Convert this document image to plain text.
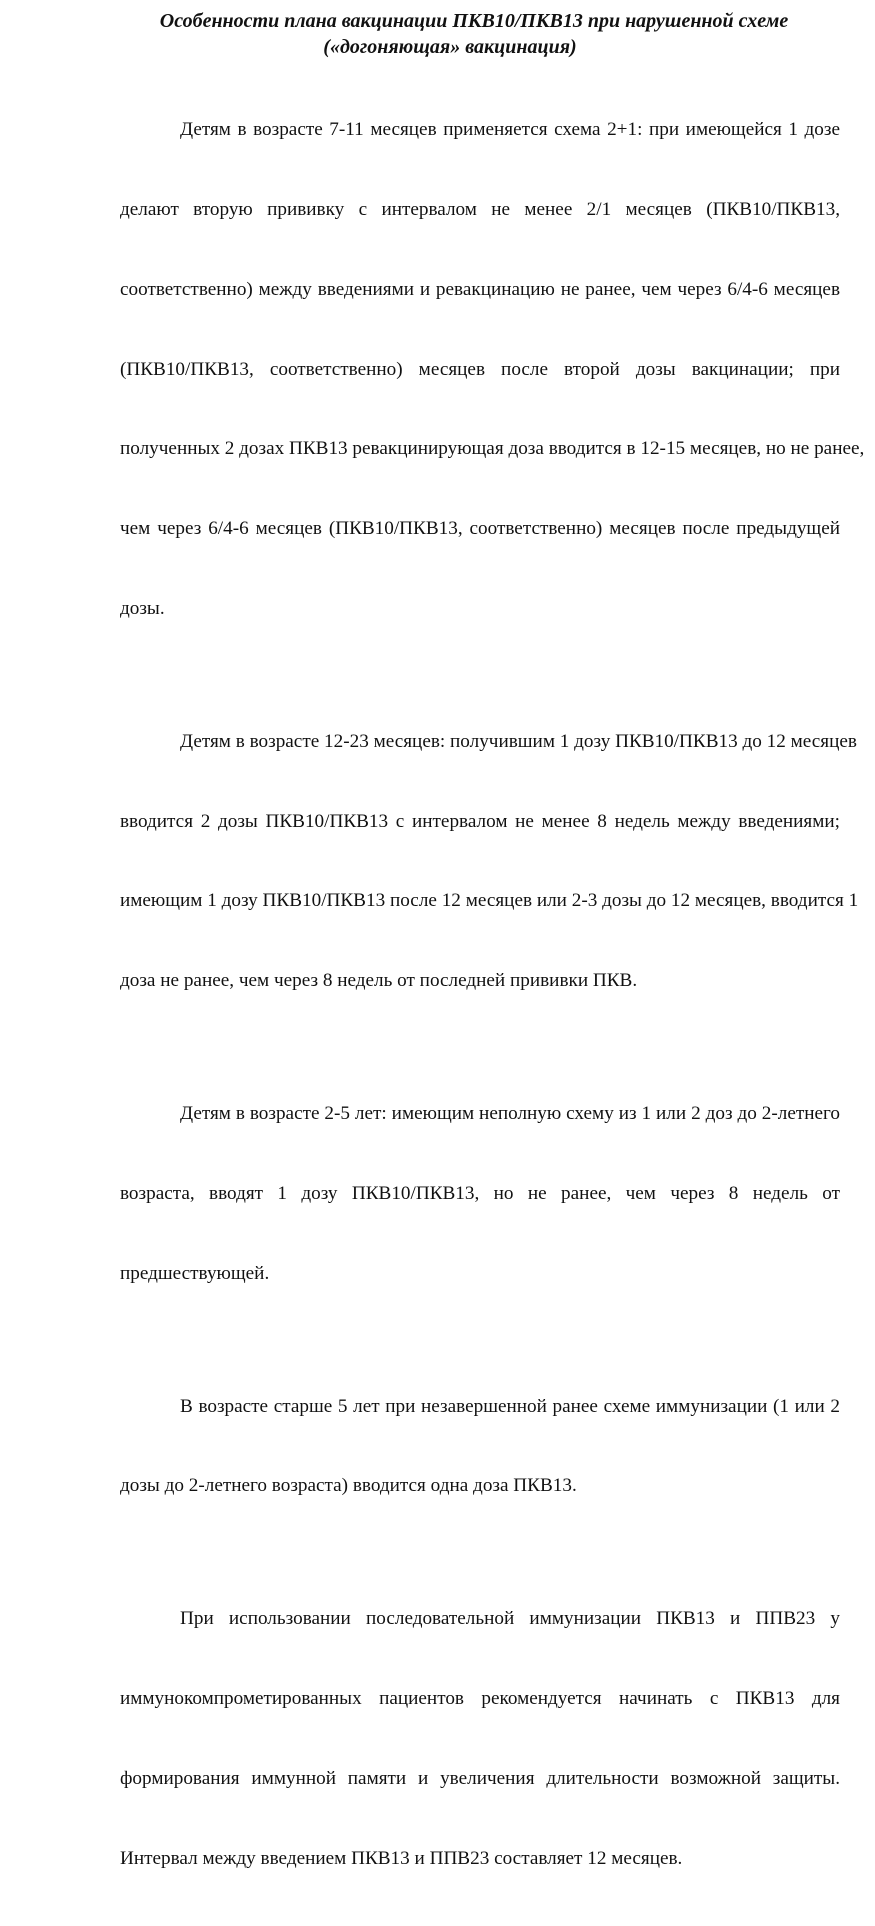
Особенности плана вакцинации ПКВ10/ПКВ13 при нарушенной схеме
(«догоняющая» вакцинация)

Детям в возрасте 7-11 месяцев применяется схема 2+1: при имеющейся 1 дозе

делают вторую прививку с интервалом не менее 2/1 месяцев (ПКВ10/ПКВ13,

соответственно) между введениями и ревакцинацию не ранее, чем через 6/4-6 месяцев

(ПКВ10/ПКВ13, соответственно) месяцев после второй дозы вакцинации; при

полученных 2 дозах ПКВ13 ревакцинирующая доза вводится в 12-15 месяцев, но не ранее,

чем через 6/4-6 месяцев (ПКВ10/ПКВ13, соответственно) месяцев после предыдущей

дозы.

Детям в возрасте 12-23 месяцев: получившим 1 дозу ПКВ10/ПКВ13 до 12 месяцев

вводится 2 дозы ПКВ10/ПКВ13 с интервалом не менее 8 недель между введениями;

имеющим 1 дозу ПКВ10/ПКВ13 после 12 месяцев или 2-3 дозы до 12 месяцев, вводится 1

доза не ранее, чем через 8 недель от последней прививки ПКВ.

Детям в возрасте 2-5 лет: имеющим неполную схему из 1 или 2 доз до 2-летнего

возраста, вводят 1 дозу ПКВ10/ПКВ13, но не ранее, чем через 8 недель от

предшествующей.

В возрасте старше 5 лет при незавершенной ранее схеме иммунизации (1 или 2

дозы до 2-летнего возраста) вводится одна доза ПКВ13.

При использовании последовательной иммунизации ПКВ13 и ППВ23 у

иммунокомпрометированных пациентов рекомендуется начинать с ПКВ13 для

формирования иммунной памяти и увеличения длительности возможной защиты.

Интервал между введением ПКВ13 и ППВ23 составляет 12 месяцев.
